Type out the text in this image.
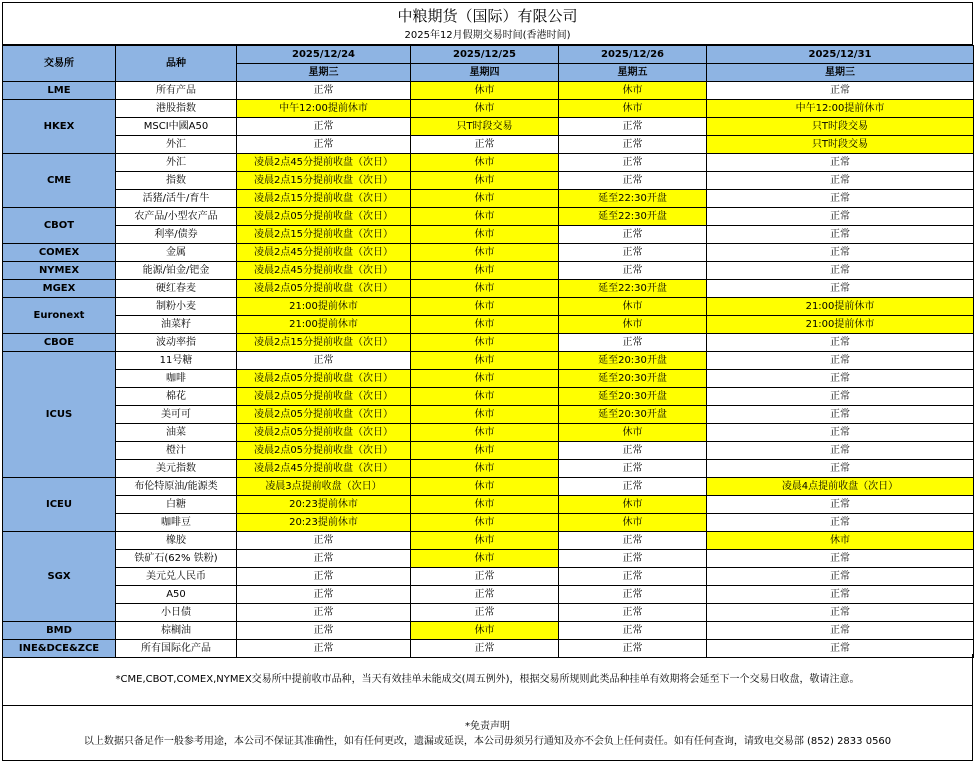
中粮期货（国际）有限公司
2025年12月假期交易时间(香港时间)
交易所	品种	2025/12/24	2025/12/25	2025/12/26	2025/12/31
		星期三	星期四	星期五	星期三
LME	所有产品	正常	休市	休市	正常
HKEX	港股指数	中午12:00提前休市	休市	休市	中午12:00提前休市
	MSCI中國A50	正常	只T时段交易	正常	只T时段交易
	外汇	正常	正常	正常	只T时段交易
CME	外汇	凌晨2点45分提前收盘（次日）	休市	正常	正常
	指数	凌晨2点15分提前收盘（次日）	休市	正常	正常
	活猪/活牛/育牛	凌晨2点15分提前收盘（次日）	休市	延至22:30开盘	正常
CBOT	农产品/小型农产品	凌晨2点05分提前收盘（次日）	休市	延至22:30开盘	正常
	利率/债券	凌晨2点15分提前收盘（次日）	休市	正常	正常
COMEX	金属	凌晨2点45分提前收盘（次日）	休市	正常	正常
NYMEX	能源/铂金/钯金	凌晨2点45分提前收盘（次日）	休市	正常	正常
MGEX	硬红春麦	凌晨2点05分提前收盘（次日）	休市	延至22:30开盘	正常
Euronext	制粉小麦	21:00提前休市	休市	休市	21:00提前休市
	油菜籽	21:00提前休市	休市	休市	21:00提前休市
CBOE	波动率指	凌晨2点15分提前收盘（次日）	休市	正常	正常
ICUS	11号糖	正常	休市	延至20:30开盘	正常
	咖啡	凌晨2点05分提前收盘（次日）	休市	延至20:30开盘	正常
	棉花	凌晨2点05分提前收盘（次日）	休市	延至20:30开盘	正常
	美可可	凌晨2点05分提前收盘（次日）	休市	延至20:30开盘	正常
	油菜	凌晨2点05分提前收盘（次日）	休市	休市	正常
	橙汁	凌晨2点05分提前收盘（次日）	休市	正常	正常
	美元指数	凌晨2点45分提前收盘（次日）	休市	正常	正常
ICEU	布伦特原油/能源类	凌晨3点提前收盘（次日）	休市	正常	凌晨4点提前收盘（次日）
	白糖	20:23提前休市	休市	休市	正常
	咖啡豆	20:23提前休市	休市	休市	正常
SGX	橡胶	正常	休市	正常	休市
	铁矿石(62% 铁粉)	正常	休市	正常	正常
	美元兑人民币	正常	正常	正常	正常
	A50	正常	正常	正常	正常
	小日债	正常	正常	正常	正常
BMD	棕榈油	正常	休市	正常	正常
INE&DCE&ZCE	所有国际化产品	正常	正常	正常	正常
*CME,CBOT,COMEX,NYMEX交易所中提前收市品种，当天有效挂单未能成交(周五例外)，根据交易所规则此类品种挂单有效期将会延至下一个交易日收盘，敬请注意。
*免责声明
以上数据只备足作一般参考用途，本公司不保证其准确性，如有任何更改，遗漏或延误，本公司毋须另行通知及亦不会负上任何责任。如有任何查询，请致电交易部 (852) 2833 0560
